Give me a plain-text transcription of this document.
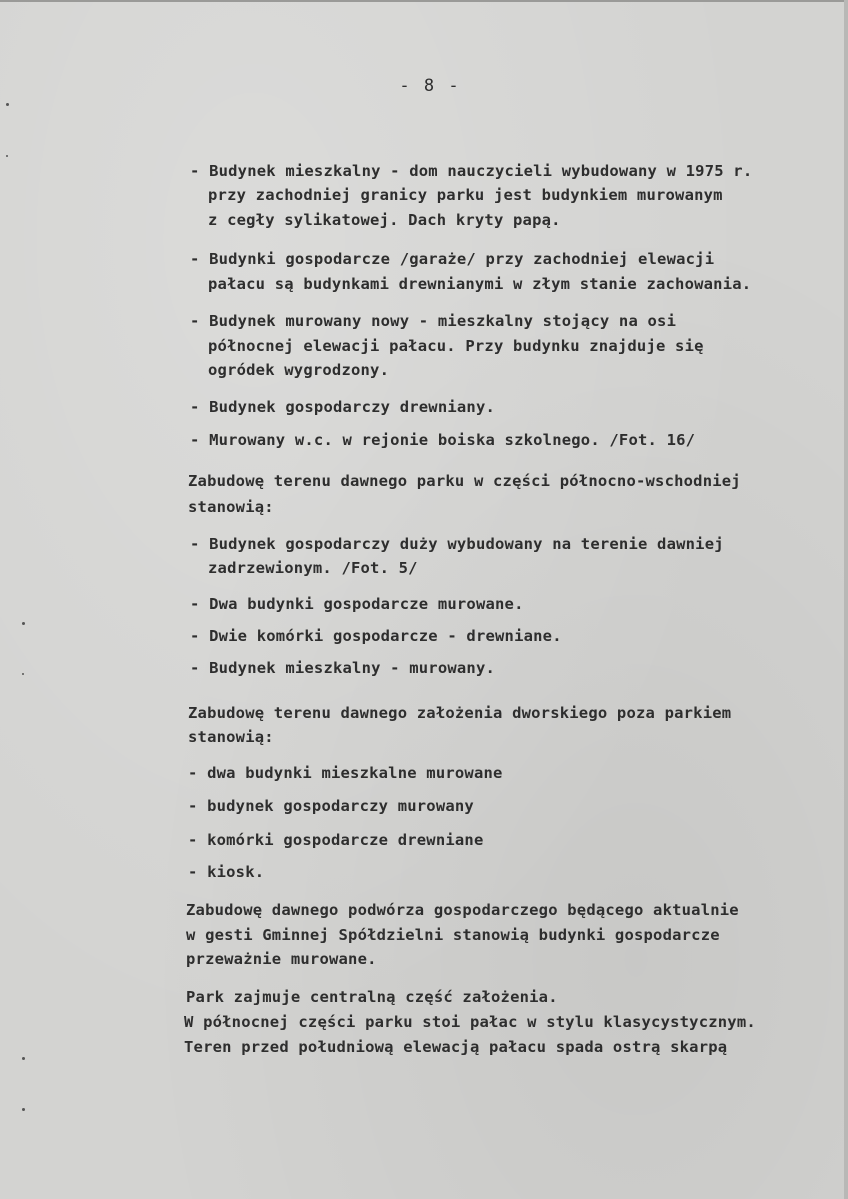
- 8 -
- Budynek mieszkalny - dom nauczycieli wybudowany w 1975 r.
przy zachodniej granicy parku jest budynkiem murowanym
z cegły sylikatowej. Dach kryty papą.
- Budynki gospodarcze /garaże/ przy zachodniej elewacji
pałacu są budynkami drewnianymi w złym stanie zachowania.
- Budynek murowany nowy - mieszkalny stojący na osi
północnej elewacji pałacu. Przy budynku znajduje się
ogródek wygrodzony.
- Budynek gospodarczy drewniany.
- Murowany w.c. w rejonie boiska szkolnego. /Fot. 16/
Zabudowę terenu dawnego parku w części północno-wschodniej
stanowią:
- Budynek gospodarczy duży wybudowany na terenie dawniej
zadrzewionym. /Fot. 5/
- Dwa budynki gospodarcze murowane.
- Dwie komórki gospodarcze - drewniane.
- Budynek mieszkalny - murowany.
Zabudowę terenu dawnego założenia dworskiego poza parkiem
stanowią:
- dwa budynki mieszkalne murowane
- budynek gospodarczy murowany
- komórki gospodarcze drewniane
- kiosk.
Zabudowę dawnego podwórza gospodarczego będącego aktualnie
w gesti Gminnej Spółdzielni stanowią budynki gospodarcze
przeważnie murowane.
Park zajmuje centralną część założenia.
W północnej części parku stoi pałac w stylu klasycystycznym.
Teren przed południową elewacją pałacu spada ostrą skarpą
